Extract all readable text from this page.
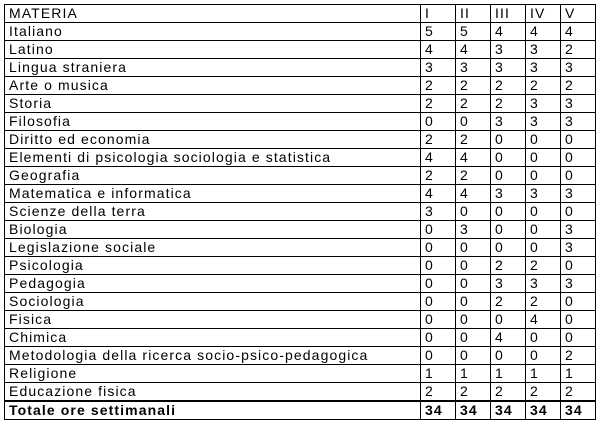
MATERIA	I	II	III	IV	V
Italiano	5	5	4	4	4
Latino	4	4	3	3	2
Lingua straniera	3	3	3	3	3
Arte o musica	2	2	2	2	2
Storia	2	2	2	3	3
Filosofia	0	0	3	3	3
Diritto ed economia	2	2	0	0	0
Elementi di psicologia sociologia e statistica	4	4	0	0	0
Geografia	2	2	0	0	0
Matematica e informatica	4	4	3	3	3
Scienze della terra	3	0	0	0	0
Biologia	0	3	0	0	3
Legislazione sociale	0	0	0	0	3
Psicologia	0	0	2	2	0
Pedagogia	0	0	3	3	3
Sociologia	0	0	2	2	0
Fisica	0	0	0	4	0
Chimica	0	0	4	0	0
Metodologia della ricerca socio-psico-pedagogica	0	0	0	0	2
Religione	1	1	1	1	1
Educazione fisica	2	2	2	2	2
Totale ore settimanali	34	34	34	34	34
